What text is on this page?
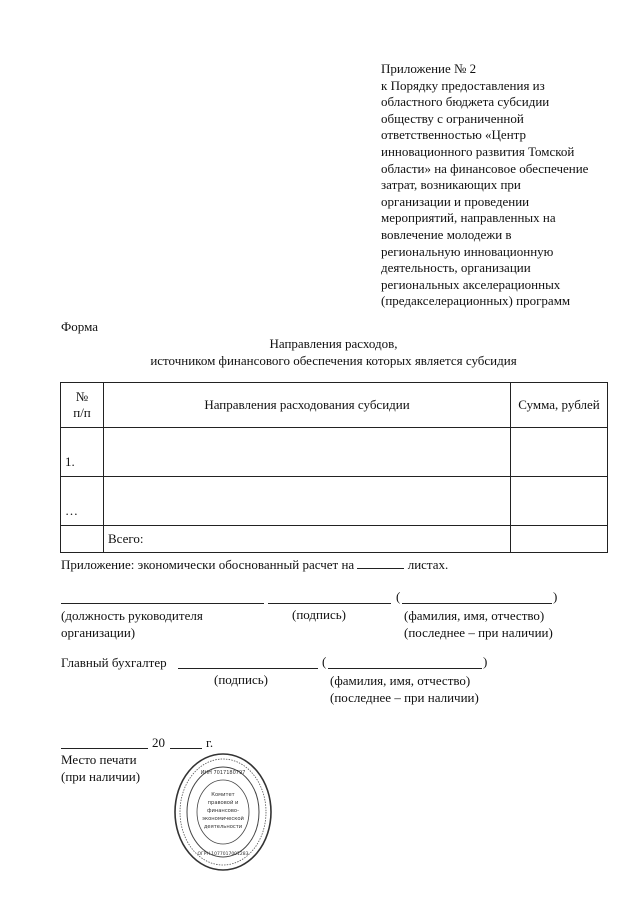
Приложение № 2
к Порядку предоставления из
областного бюджета субсидии
обществу с ограниченной
ответственностью «Центр
инновационного развития Томской
области» на финансовое обеспечение
затрат, возникающих при
организации и проведении
мероприятий, направленных на
вовлечение молодежи в
региональную инновационную
деятельность, организации
региональных акселерационных
(предакселерационных) программ
Форма
Направления расходов,
источником финансового обеспечения которых является субсидия
№
п/п	Направления расходования субсидии	Сумма, рублей
1.		
…		
	Всего:	
Приложение: экономически обоснованный расчет на	листах.
(	)
(должность руководителя
организации)
(подпись)	(фамилия, имя, отчество)
(последнее – при наличии)
Главный бухгалтер	(	)
(подпись)	(фамилия, имя, отчество)
(последнее – при наличии)
20	г.
Место печати
(при наличии)	ИНН 7017180797
ОГРН 1077017001283
Комитет
правовой и
финансово-
экономической
деятельности
